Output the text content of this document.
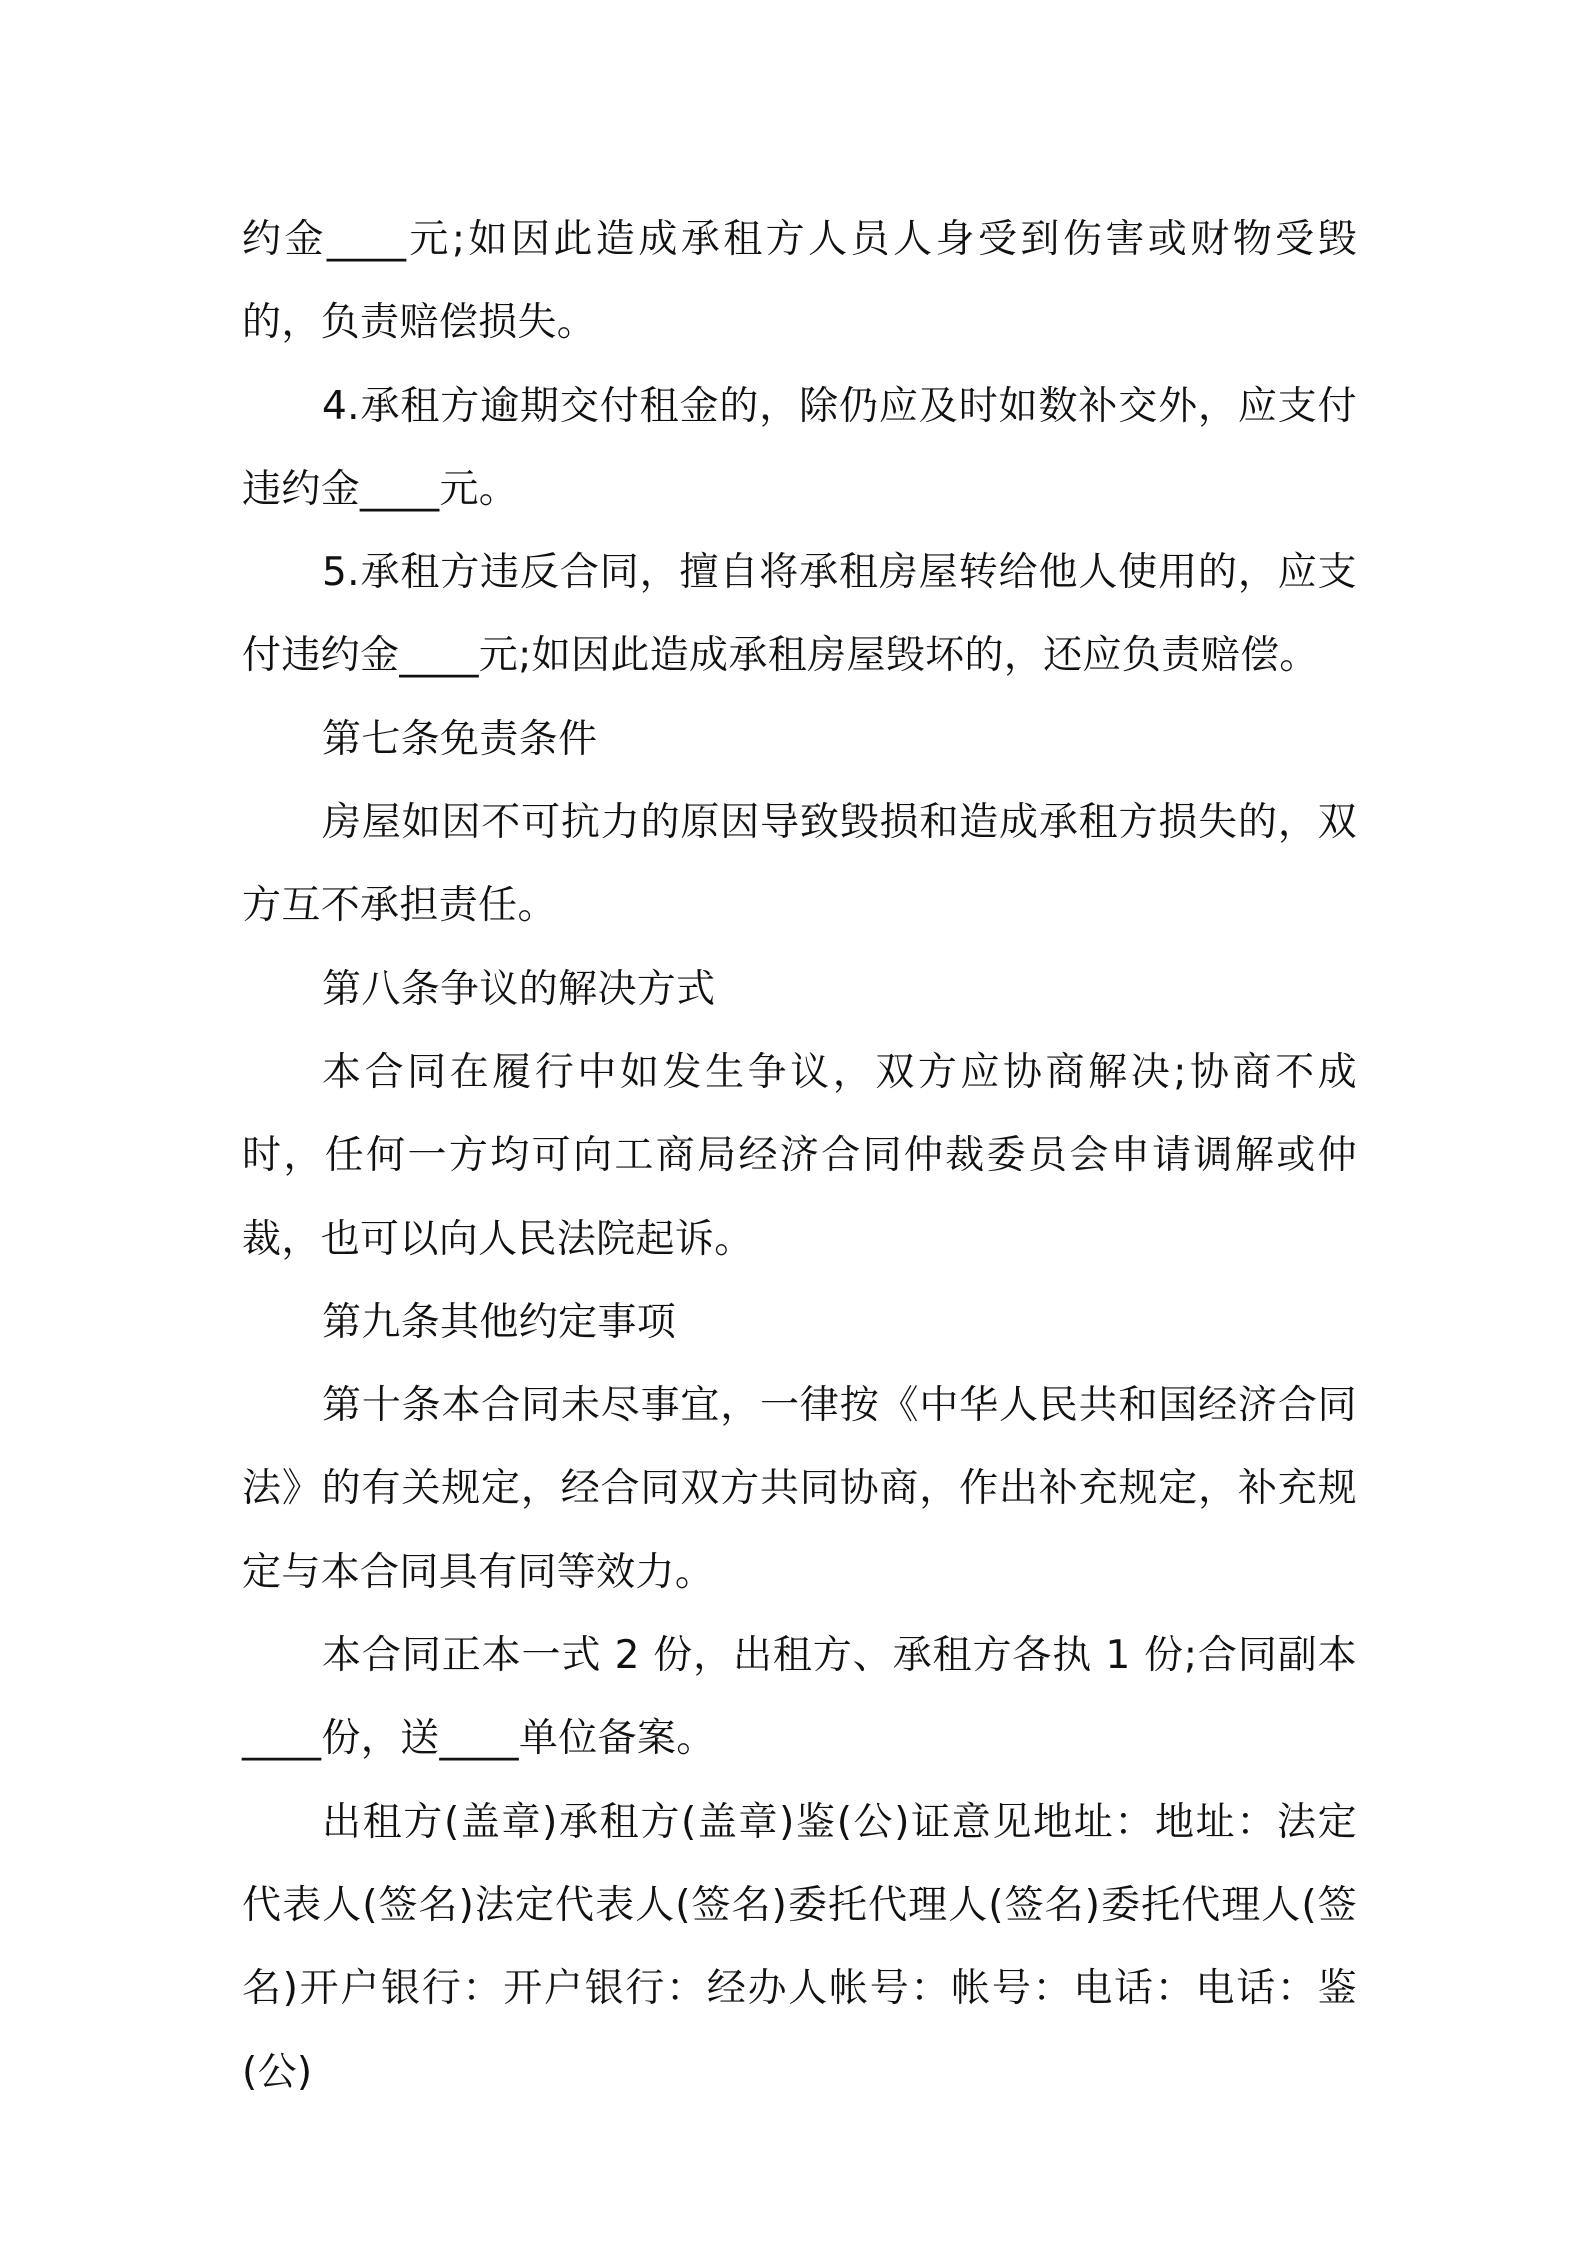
约金____元;如因此造成承租方人员人身受到伤害或财物受毁的，负责赔偿损失。

4.承租方逾期交付租金的，除仍应及时如数补交外，应支付违约金____元。

5.承租方违反合同，擅自将承租房屋转给他人使用的，应支付违约金____元;如因此造成承租房屋毁坏的，还应负责赔偿。

第七条免责条件

房屋如因不可抗力的原因导致毁损和造成承租方损失的，双方互不承担责任。

第八条争议的解决方式

本合同在履行中如发生争议，双方应协商解决;协商不成时，任何一方均可向工商局经济合同仲裁委员会申请调解或仲裁，也可以向人民法院起诉。

第九条其他约定事项

第十条本合同未尽事宜，一律按《中华人民共和国经济合同法》的有关规定，经合同双方共同协商，作出补充规定，补充规定与本合同具有同等效力。

本合同正本一式 2 份，出租方、承租方各执 1 份;合同副本____份，送____单位备案。

出租方(盖章)承租方(盖章)鉴(公)证意见地址：地址：法定代表人(签名)法定代表人(签名)委托代理人(签名)委托代理人(签名)开户银行：开户银行：经办人帐号：帐号：电话：电话：鉴(公)
